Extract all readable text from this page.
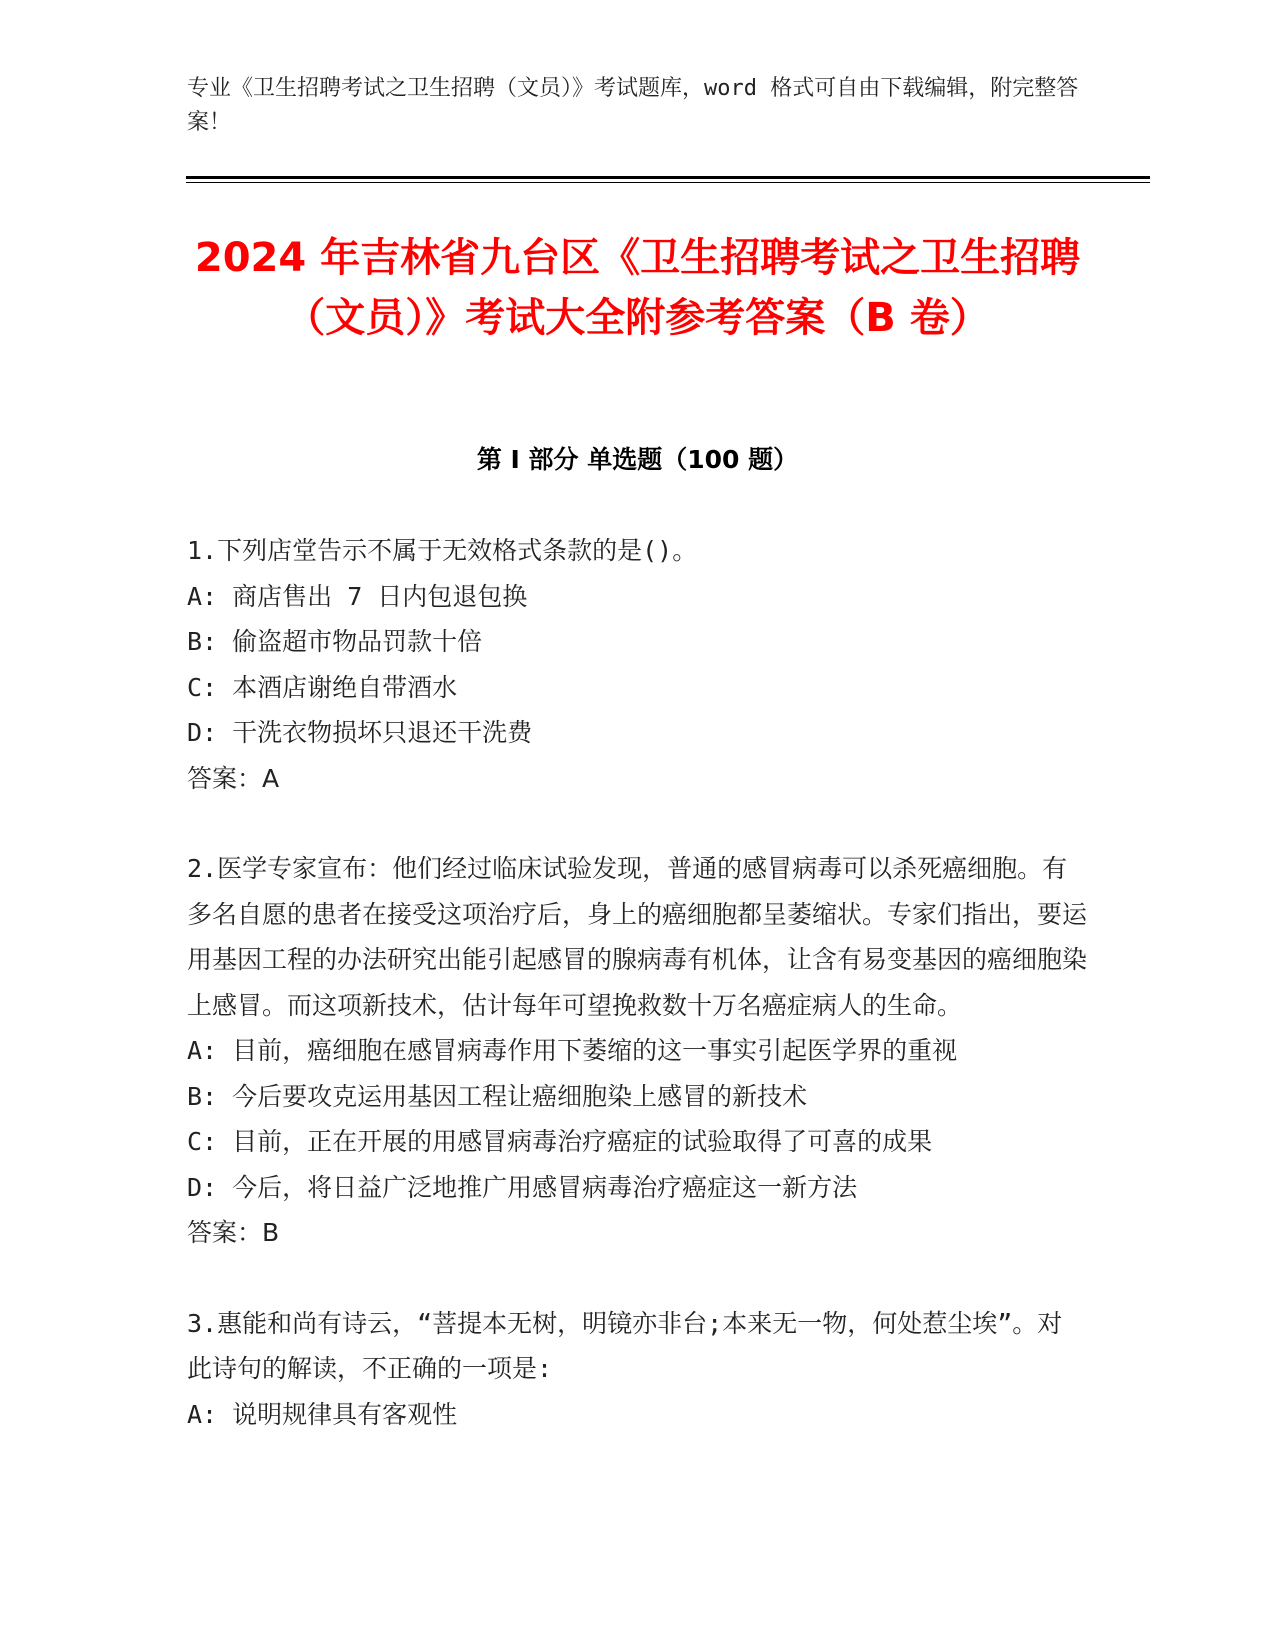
专业《卫生招聘考试之卫生招聘（文员）》考试题库，word 格式可自由下载编辑，附完整答案！
2024 年吉林省九台区《卫生招聘考试之卫生招聘（文员）》考试大全附参考答案（B 卷）
第 I 部分 单选题（100 题）
1.下列店堂告示不属于无效格式条款的是()。
A: 商店售出 7 日内包退包换
B: 偷盗超市物品罚款十倍
C: 本酒店谢绝自带酒水
D: 干洗衣物损坏只退还干洗费
答案：A
2.医学专家宣布：他们经过临床试验发现，普通的感冒病毒可以杀死癌细胞。有多名自愿的患者在接受这项治疗后，身上的癌细胞都呈萎缩状。专家们指出，要运用基因工程的办法研究出能引起感冒的腺病毒有机体，让含有易变基因的癌细胞染上感冒。而这项新技术，估计每年可望挽救数十万名癌症病人的生命。
A: 目前，癌细胞在感冒病毒作用下萎缩的这一事实引起医学界的重视
B: 今后要攻克运用基因工程让癌细胞染上感冒的新技术
C: 目前，正在开展的用感冒病毒治疗癌症的试验取得了可喜的成果
D: 今后，将日益广泛地推广用感冒病毒治疗癌症这一新方法
答案：B
3.惠能和尚有诗云，“菩提本无树，明镜亦非台;本来无一物，何处惹尘埃”。对此诗句的解读，不正确的一项是:
A: 说明规律具有客观性
